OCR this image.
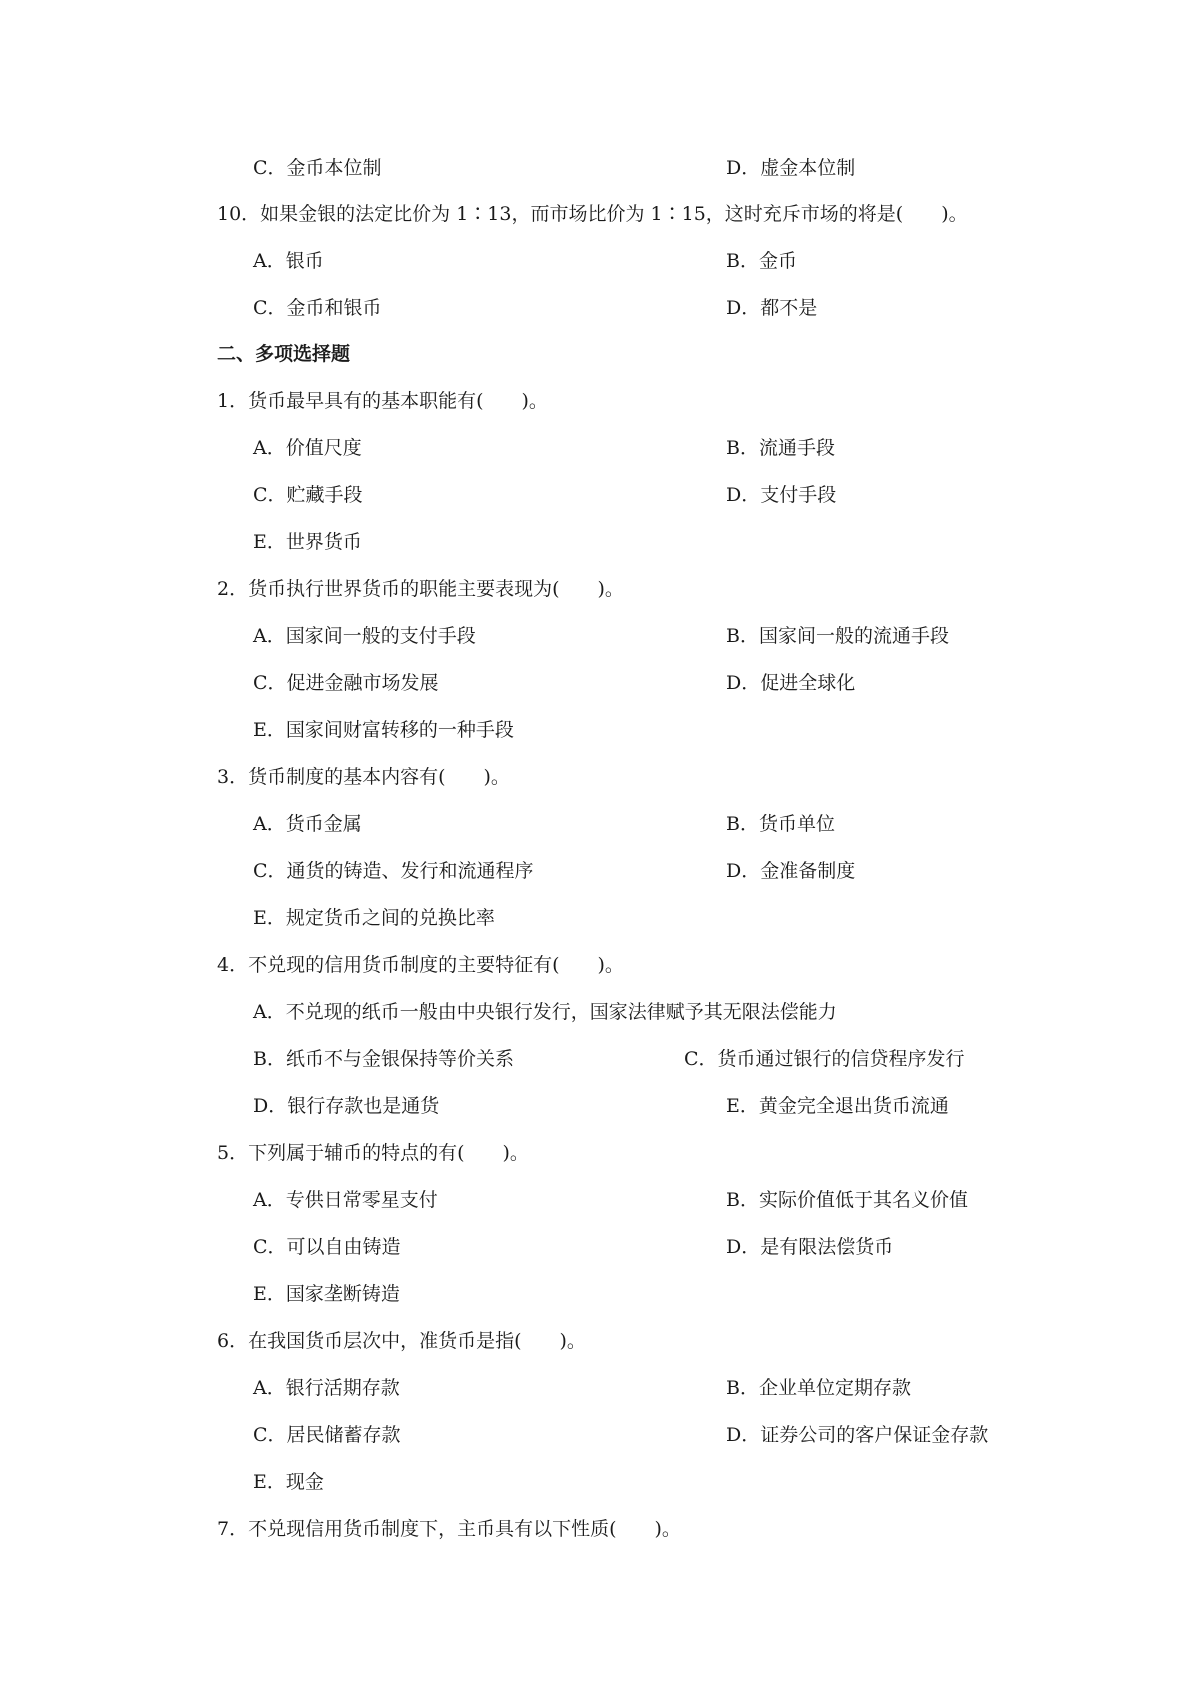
C．金币本位制	D．虚金本位制
10．如果金银的法定比价为 1∶13，而市场比价为 1∶15，这时充斥市场的将是(　　)。
A．银币	B．金币
C．金币和银币	D．都不是
二、多项选择题
1．货币最早具有的基本职能有(　　)。
A．价值尺度	B．流通手段
C．贮藏手段	D．支付手段
E．世界货币
2．货币执行世界货币的职能主要表现为(　　)。
A．国家间一般的支付手段	B．国家间一般的流通手段
C．促进金融市场发展	D．促进全球化
E．国家间财富转移的一种手段
3．货币制度的基本内容有(　　)。
A．货币金属	B．货币单位
C．通货的铸造、发行和流通程序	D．金准备制度
E．规定货币之间的兑换比率
4．不兑现的信用货币制度的主要特征有(　　)。
A．不兑现的纸币一般由中央银行发行，国家法律赋予其无限法偿能力
B．纸币不与金银保持等价关系	C．货币通过银行的信贷程序发行
D．银行存款也是通货	E．黄金完全退出货币流通
5．下列属于辅币的特点的有(　　)。
A．专供日常零星支付	B．实际价值低于其名义价值
C．可以自由铸造	D．是有限法偿货币
E．国家垄断铸造
6．在我国货币层次中，准货币是指(　　)。
A．银行活期存款	B．企业单位定期存款
C．居民储蓄存款	D．证券公司的客户保证金存款
E．现金
7．不兑现信用货币制度下，主币具有以下性质(　　)。
